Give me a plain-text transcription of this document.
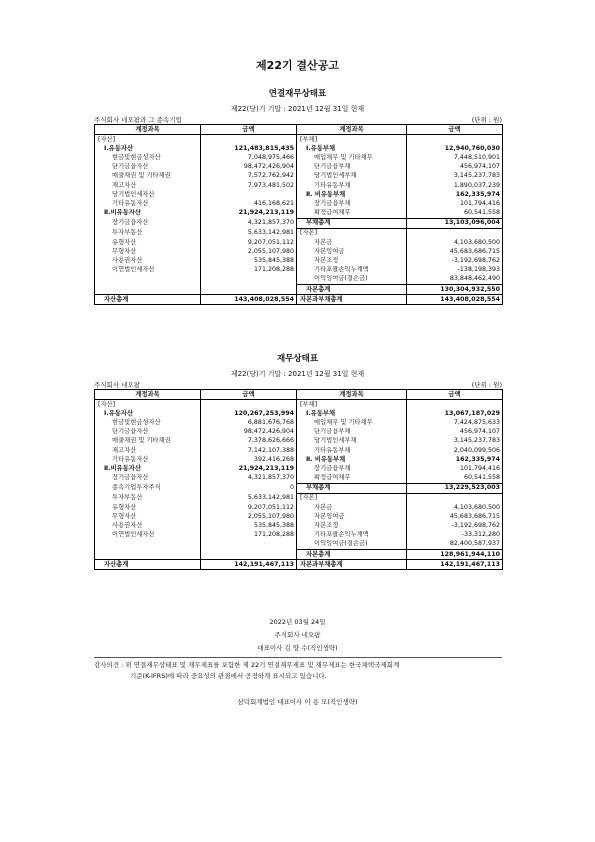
제22기 결산공고
연결재무상태표
제22(당)기 기말 : 2021년 12월 31일 현재
주식회사 네오팜과 그 종속기업	(단위 : 원)
계정과목	금액	계정과목	금액
[자산]		[부채]	
Ⅰ.유동자산	121,483,815,435	Ⅰ.유동부채	12,940,760,030
현금및현금성자산	7,048,975,466	매입채무 및 기타채무	7,448,510,901
단기금융자산	98,472,426,904	단기금융부채	456,974,107
매출채권 및 기타채권	7,572,762,942	당기법인세부채	3,145,237,783
재고자산	7,973,481,502	기타유동부채	1,890,037,239
당기법인세자산		Ⅱ. 비유동부채	162,335,974
기타유동자산	416,168,621	장기금융부채	101,794,416
Ⅱ.비유동자산	21,924,213,119	확정급여채무	60,541,558
장기금융자산	4,321,857,370	부채총계	13,103,096,004
투자부동산	5,633,142,981	[자본]	
유형자산	9,207,051,112	자본금	4,103,680,500
무형자산	2,055,107,980	자본잉여금	45,683,686,715
사용권자산	535,845,388	자본조정	-3,192,698,762
이연법인세자산	171,208,288	기타포괄손익누계액	-138,198,393
		이익잉여금(결손금)	83,848,462,490
		자본총계	130,304,932,550
자산총계	143,408,028,554	자본과부채총계	143,408,028,554
재무상태표
제22(당)기 기말 : 2021년 12월 31일 현재
주식회사 네오팜	(단위 : 원)
계정과목	금액	계정과목	금액
[자산]		[부채]	
Ⅰ.유동자산	120,267,253,994	Ⅰ.유동부채	13,067,187,029
현금및현금성자산	6,881,676,768	매입채무 및 기타채무	7,424,875,633
단기금융자산	98,472,426,904	단기금융부채	456,974,107
매출채권 및 기타채권	7,378,626,666	당기법인세부채	3,145,237,783
재고자산	7,142,107,388	기타유동부채	2,040,099,506
기타유동자산	392,416,268	Ⅱ. 비유동부채	162,335,974
Ⅱ.비유동자산	21,924,213,119	장기금융부채	101,794,416
장기금융자산	4,321,857,370	확정급여채무	60,541,558
종속기업투자주식	0	부채총계	13,229,523,003
투자부동산	5,633,142,981	[자본]	
유형자산	9,207,051,112	자본금	4,103,680,500
무형자산	2,055,107,980	자본잉여금	45,683,686,715
사용권자산	535,845,388	자본조정	-3,192,698,762
이연법인세자산	171,208,288	기타포괄손익누계액	-33,312,280
		이익잉여금(결손금)	82,400,587,937
		자본총계	128,961,944,110
자산총계	142,191,467,113	자본과부채총계	142,191,467,113
2022년 03월 24일
주식회사 네오팜
대표이사 김 양 수(직인생략)
감사의견 : 위 연결재무상태표 및 재무제표를 포함한 제 22기 연결재무제표 및 재무제표는 한국채택국제회계
기준(K-IFRS)에 따라 중요성의 관점에서 공정하게 표시되고 있습니다.
삼덕회계법인 대표이사 이 용 모(직인생략)
